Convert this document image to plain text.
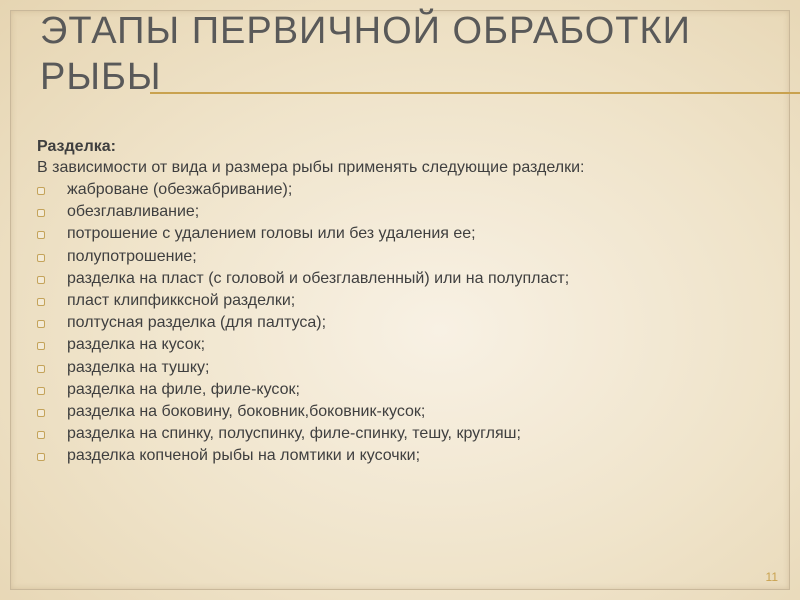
ЭТАПЫ ПЕРВИЧНОЙ ОБРАБОТКИ
РЫБЫ

Разделка:

В зависимости от вида и размера рыбы применять следующие разделки:

жаброване (обезжабривание);
обезглавливание;
потрошение с удалением головы или без удаления ее;
полупотрошение;
разделка на пласт (с головой и обезглавленный) или на полупласт;
пласт клипфикксной разделки;
полтусная разделка (для палтуса);
разделка на кусок;
разделка на тушку;
разделка на филе, филе-кусок;
разделка на боковину, боковник,боковник-кусок;
разделка на спинку, полуспинку, филе-спинку, тешу, кругляш;
разделка копченой рыбы на ломтики и кусочки;
11
